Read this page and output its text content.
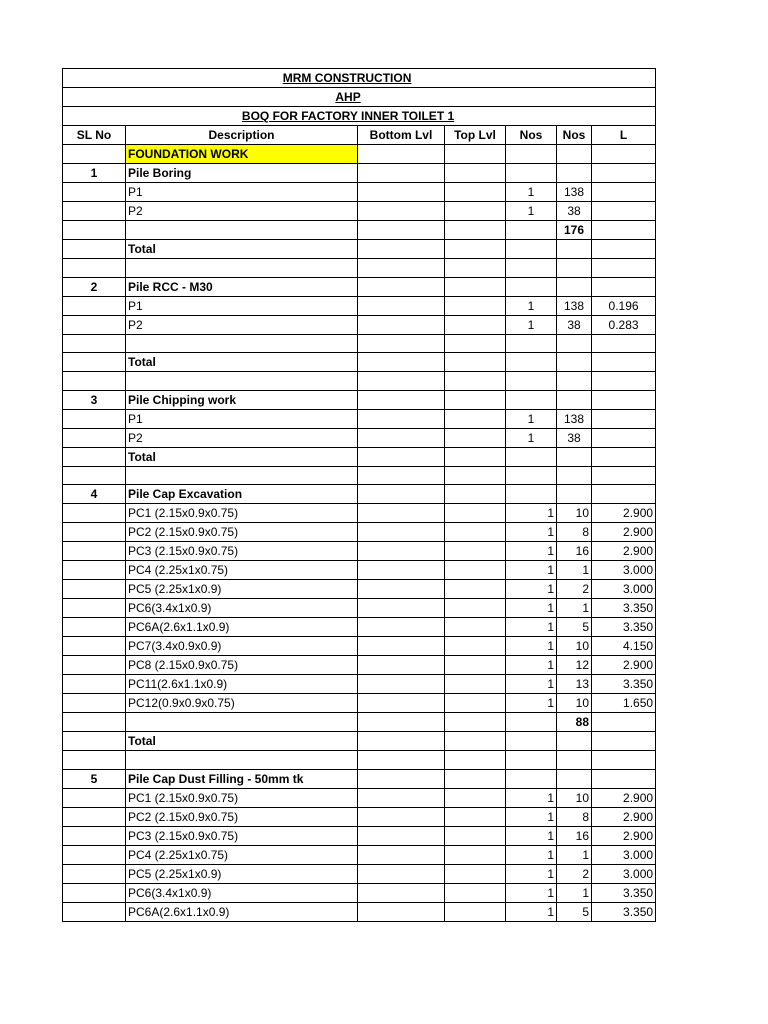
MRM CONSTRUCTION						
AHP						
BOQ FOR FACTORY INNER TOILET 1						
SL No	Description	Bottom Lvl	Top Lvl	Nos	Nos	L
	FOUNDATION WORK					
1	Pile Boring					
	P1			1	138	
	P2			1	38	
					176	
	Total					

2	Pile RCC - M30					
	P1			1	138	0.196
	P2			1	38	0.283

	Total					

3	Pile Chipping work					
	P1			1	138	
	P2			1	38	
	Total					

4	Pile Cap Excavation					
	PC1 (2.15x0.9x0.75)			1	10	2.900
	PC2 (2.15x0.9x0.75)			1	8	2.900
	PC3 (2.15x0.9x0.75)			1	16	2.900
	PC4 (2.25x1x0.75)			1	1	3.000
	PC5 (2.25x1x0.9)			1	2	3.000
	PC6(3.4x1x0.9)			1	1	3.350
	PC6A(2.6x1.1x0.9)			1	5	3.350
	PC7(3.4x0.9x0.9)			1	10	4.150
	PC8 (2.15x0.9x0.75)			1	12	2.900
	PC11(2.6x1.1x0.9)			1	13	3.350
	PC12(0.9x0.9x0.75)			1	10	1.650
					88	
	Total					

5	Pile Cap Dust Filling - 50mm tk					
	PC1 (2.15x0.9x0.75)			1	10	2.900
	PC2 (2.15x0.9x0.75)			1	8	2.900
	PC3 (2.15x0.9x0.75)			1	16	2.900
	PC4 (2.25x1x0.75)			1	1	3.000
	PC5 (2.25x1x0.9)			1	2	3.000
	PC6(3.4x1x0.9)			1	1	3.350
	PC6A(2.6x1.1x0.9)			1	5	3.350
